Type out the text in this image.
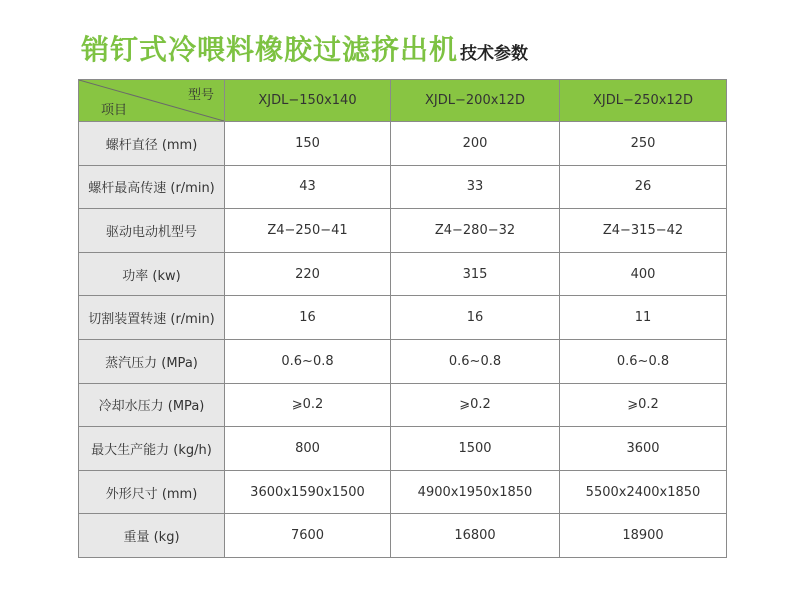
销钉式冷喂料橡胶过滤挤出机 技术参数
型号
项目	XJDL−150x140	XJDL−200x12D	XJDL−250x12D
螺杆直径 (mm)	150	200	250
螺杆最高传速 (r/min)	43	33	26
驱动电动机型号	Z4−250−41	Z4−280−32	Z4−315−42
功率 (kw)	220	315	400
切割装置转速 (r/min)	16	16	11
蒸汽压力 (MPa)	0.6~0.8	0.6~0.8	0.6~0.8
冷却水压力 (MPa)	⩾0.2	⩾0.2	⩾0.2
最大生产能力 (kg/h)	800	1500	3600
外形尺寸 (mm)	3600x1590x1500	4900x1950x1850	5500x2400x1850
重量 (kg)	7600	16800	18900
